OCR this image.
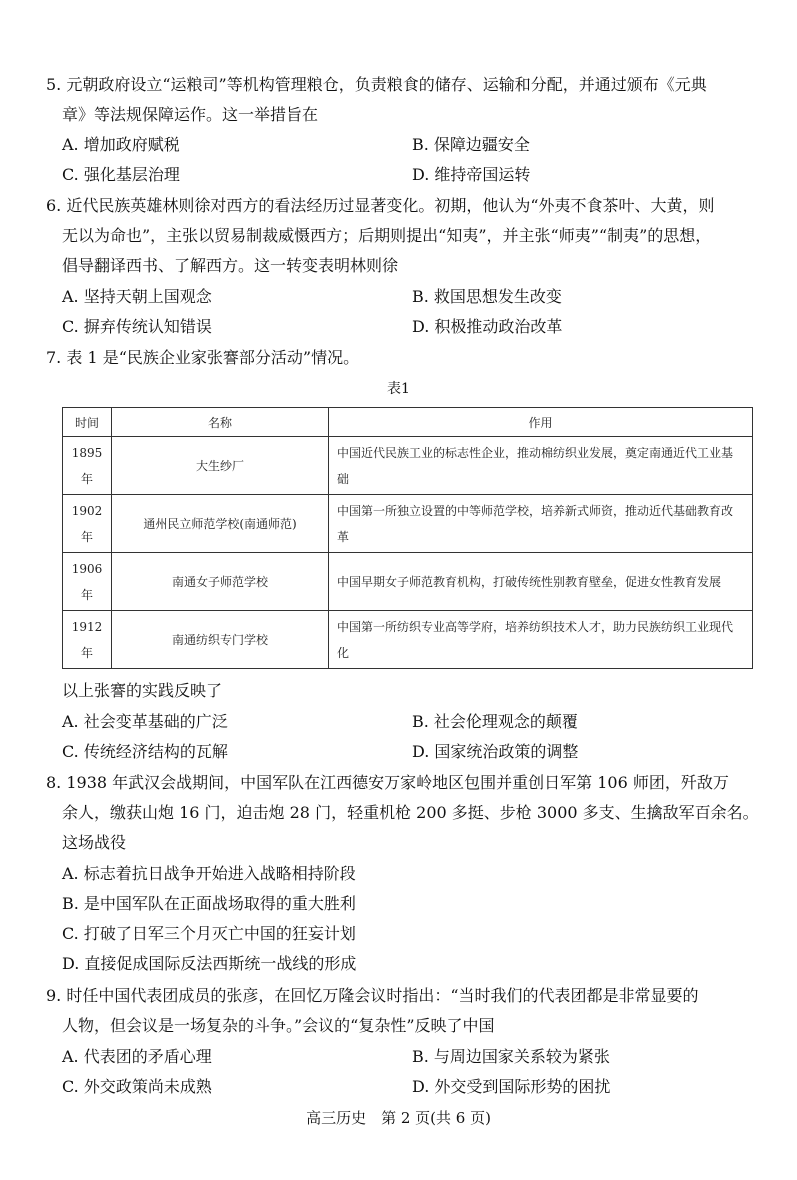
5. 元朝政府设立“运粮司”等机构管理粮仓，负责粮食的储存、运输和分配，并通过颁布《元典
章》等法规保障运作。这一举措旨在
A. 增加政府赋税	B. 保障边疆安全
C. 强化基层治理	D. 维持帝国运转
6. 近代民族英雄林则徐对西方的看法经历过显著变化。初期，他认为“外夷不食茶叶、大黄，则
无以为命也”，主张以贸易制裁威慑西方；后期则提出“知夷”，并主张“师夷”“制夷”的思想，
倡导翻译西书、了解西方。这一转变表明林则徐
A. 坚持天朝上国观念	B. 救国思想发生改变
C. 摒弃传统认知错误	D. 积极推动政治改革
7. 表 1 是“民族企业家张謇部分活动”情况。
表1
时间	名称	作用
1895 年	大生纱厂	中国近代民族工业的标志性企业，推动棉纺织业发展，奠定南通近代工业基础
1902 年	通州民立师范学校(南通师范)	中国第一所独立设置的中等师范学校，培养新式师资，推动近代基础教育改革
1906 年	南通女子师范学校	中国早期女子师范教育机构，打破传统性别教育壁垒，促进女性教育发展
1912 年	南通纺织专门学校	中国第一所纺织专业高等学府，培养纺织技术人才，助力民族纺织工业现代化
以上张謇的实践反映了
A. 社会变革基础的广泛	B. 社会伦理观念的颠覆
C. 传统经济结构的瓦解	D. 国家统治政策的调整
8. 1938 年武汉会战期间，中国军队在江西德安万家岭地区包围并重创日军第 106 师团，歼敌万
余人，缴获山炮 16 门，迫击炮 28 门，轻重机枪 200 多挺、步枪 3000 多支、生擒敌军百余名。
这场战役
A. 标志着抗日战争开始进入战略相持阶段
B. 是中国军队在正面战场取得的重大胜利
C. 打破了日军三个月灭亡中国的狂妄计划
D. 直接促成国际反法西斯统一战线的形成
9. 时任中国代表团成员的张彦，在回忆万隆会议时指出：“当时我们的代表团都是非常显要的
人物，但会议是一场复杂的斗争。”会议的“复杂性”反映了中国
A. 代表团的矛盾心理	B. 与周边国家关系较为紧张
C. 外交政策尚未成熟	D. 外交受到国际形势的困扰
高三历史　第 2 页(共 6 页)
